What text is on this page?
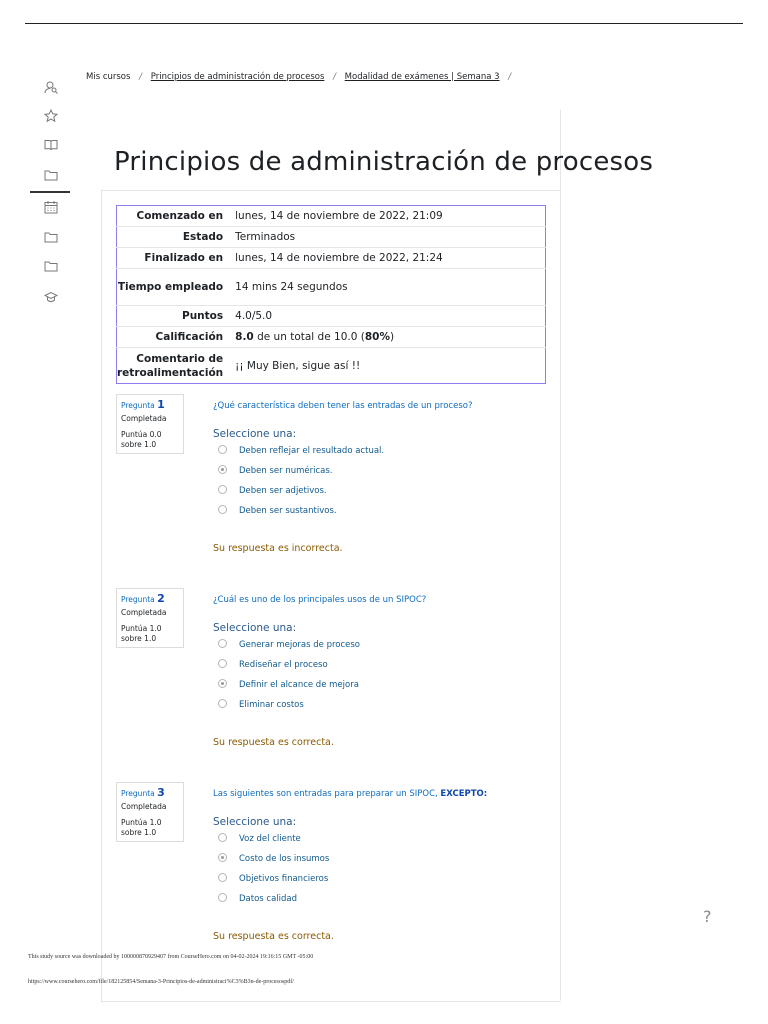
Mis cursos / Principios de administración de procesos / Modalidad de exámenes | Semana 3 /
Principios de administración de procesos
Comenzado en	lunes, 14 de noviembre de 2022, 21:09
Estado	Terminados
Finalizado en	lunes, 14 de noviembre de 2022, 21:24
Tiempo empleado	14 mins 24 segundos
Puntos	4.0/5.0
Calificación	8.0 de un total de 10.0 (80%)
Comentario de retroalimentación	¡¡ Muy Bien, sigue así !!
Pregunta 1
Completada
Puntúa 0.0
sobre 1.0
¿Qué característica deben tener las entradas de un proceso?
Seleccione una:
Deben reflejar el resultado actual.
Deben ser numéricas.
Deben ser adjetivos.
Deben ser sustantivos.
Su respuesta es incorrecta.
Pregunta 2
Completada
Puntúa 1.0
sobre 1.0
¿Cuál es uno de los principales usos de un SIPOC?
Seleccione una:
Generar mejoras de proceso
Rediseñar el proceso
Definir el alcance de mejora
Eliminar costos
Su respuesta es correcta.
Pregunta 3
Completada
Puntúa 1.0
sobre 1.0
Las siguientes son entradas para preparar un SIPOC, EXCEPTO:
Seleccione una:
Voz del cliente
Costo de los insumos
Objetivos financieros
Datos calidad
Su respuesta es correcta.
?
This study source was downloaded by 100000870929407 from CourseHero.com on 04-02-2024 19:16:15 GMT -05:00
https://www.coursehero.com/file/182125854/Semana-3-Principios-de-administraci%C3%B3n-de-procesospdf/
